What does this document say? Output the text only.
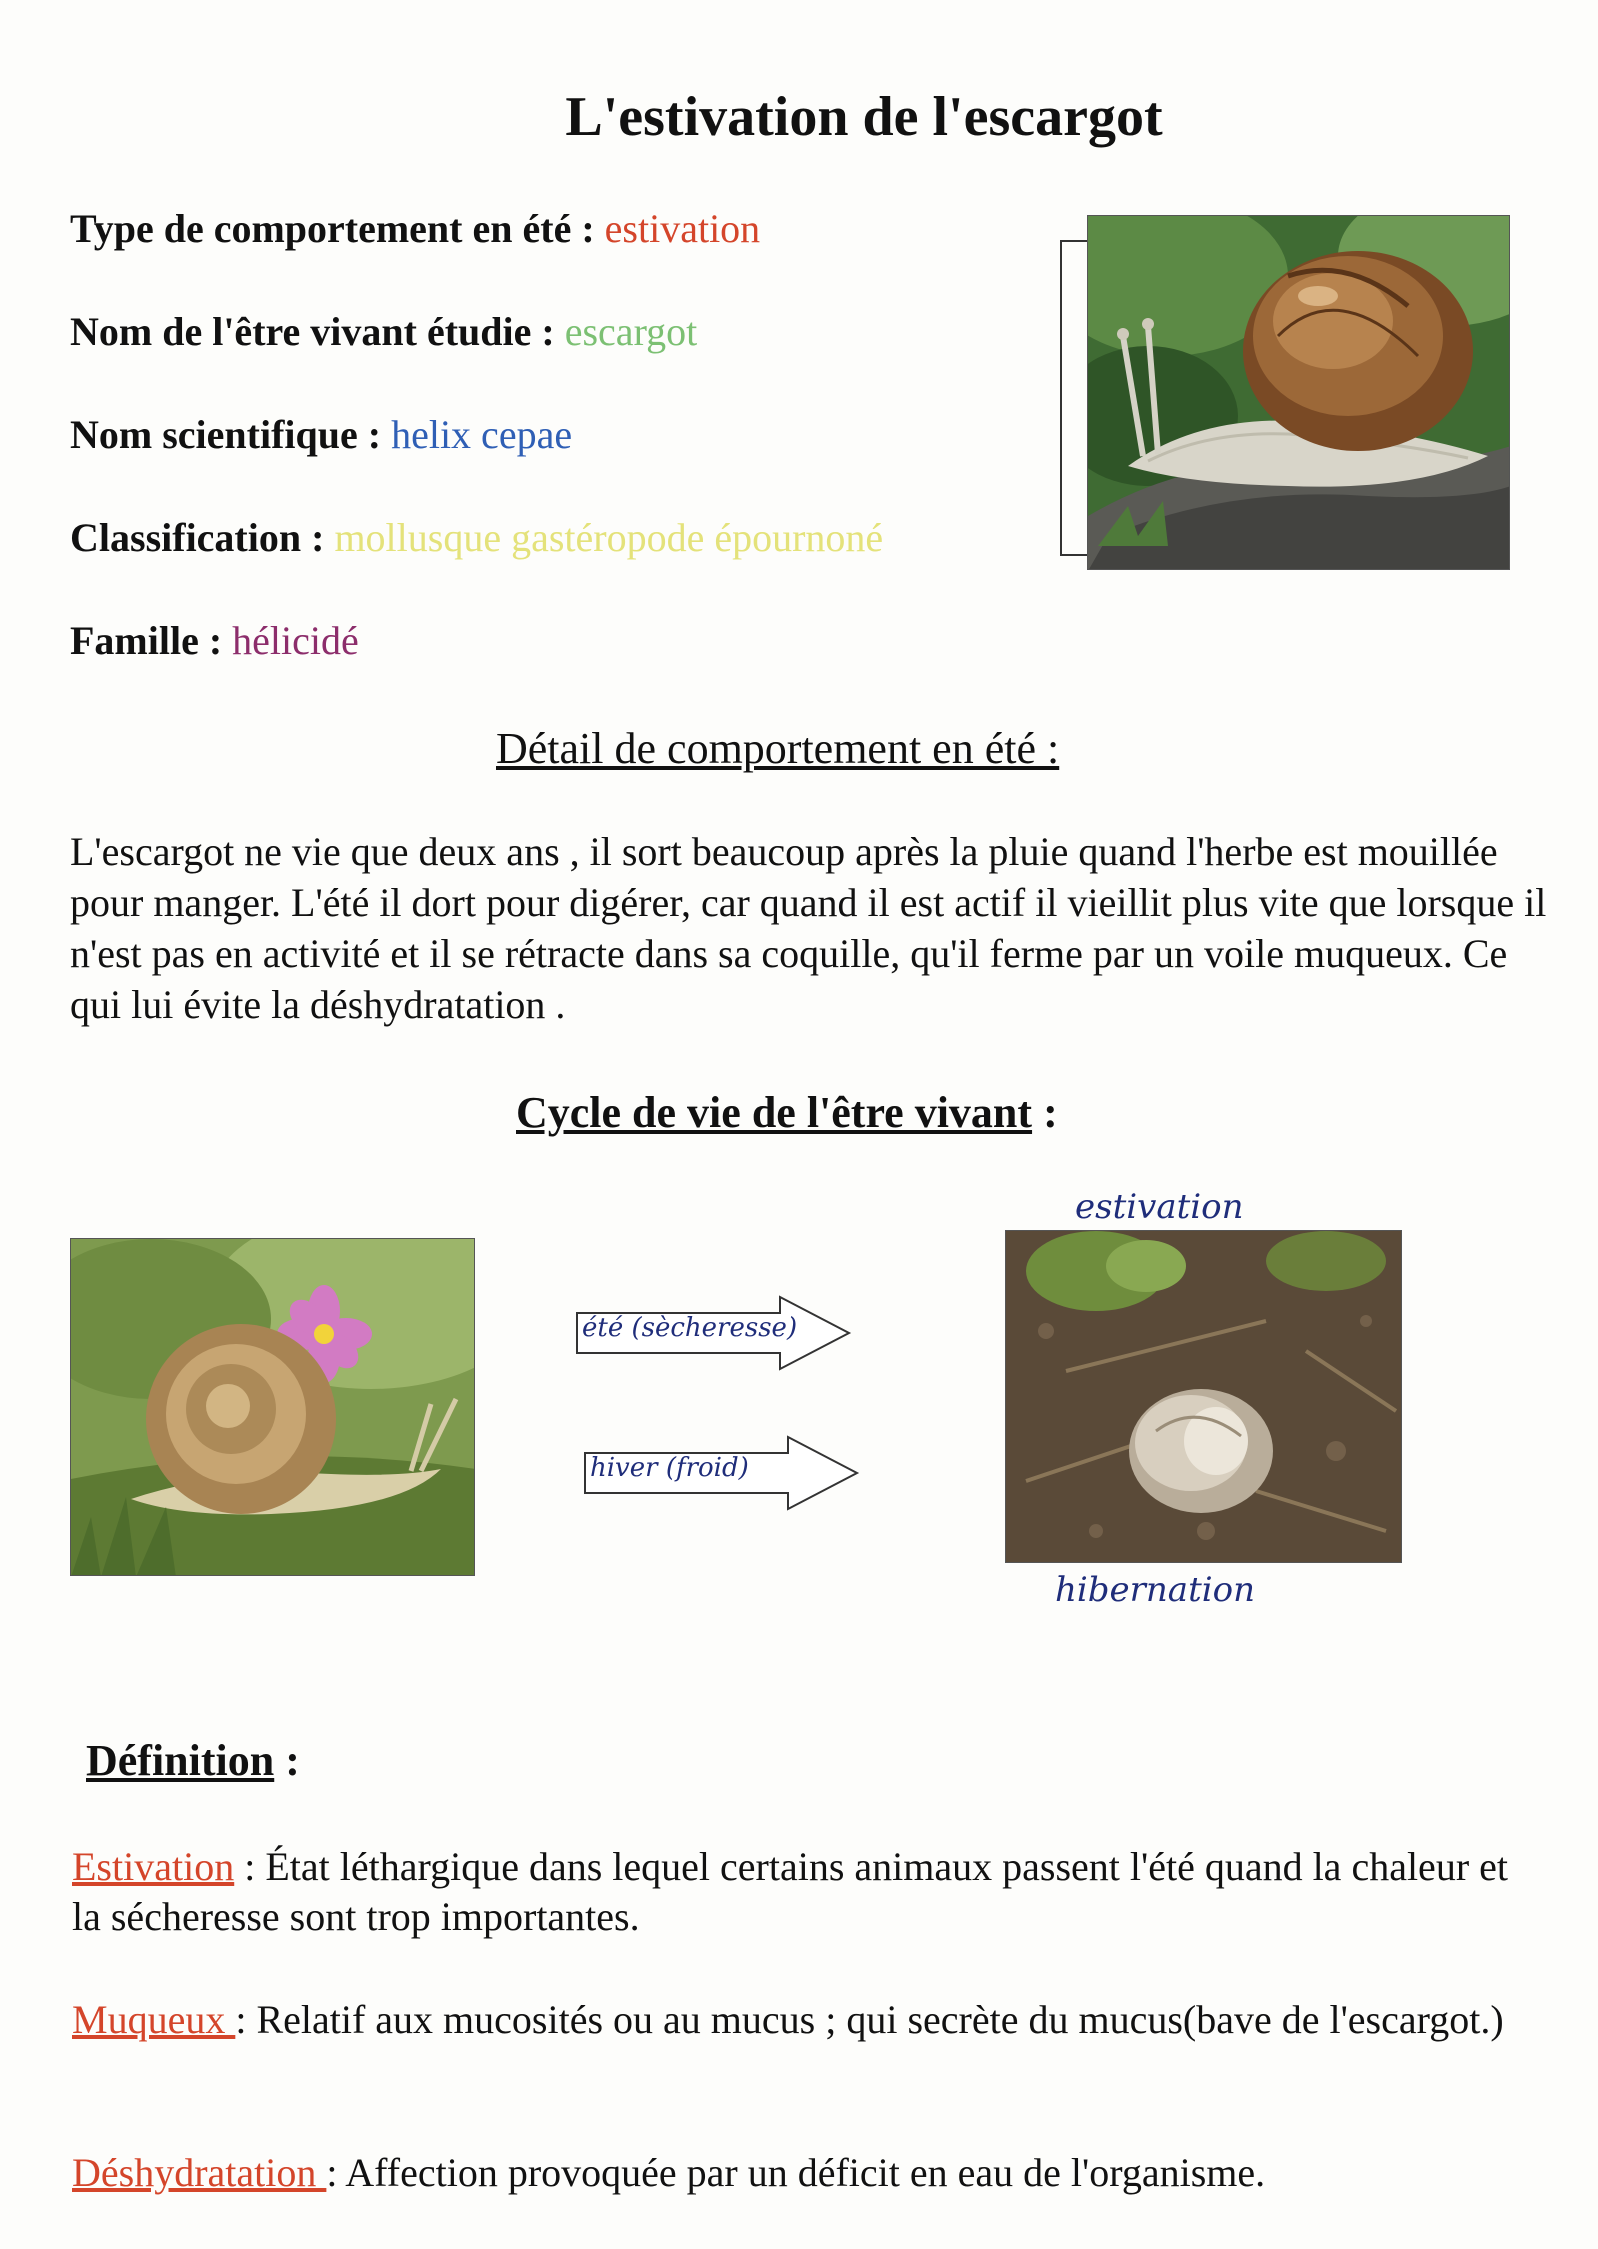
L'estivation de l'escargot
Type de comportement en été : estivation
Nom de l'être vivant étudie : escargot
Nom scientifique : helix cepae
Classification : mollusque gastéropode épournoné
Famille : hélicidé
Détail de comportement en été :
L'escargot ne vie que deux ans , il sort beaucoup après la pluie quand l'herbe est mouillée pour manger. L'été il dort pour digérer, car quand il est actif il vieillit plus vite que lorsque il n'est pas en activité et il se rétracte dans sa coquille, qu'il ferme par un voile muqueux. Ce qui lui évite la déshydratation .
Cycle de vie de l'être vivant :
été (sècheresse)
hiver (froid)
estivation
hibernation
Définition :
Estivation : État léthargique dans lequel certains animaux passent l'été quand la chaleur et la sécheresse sont trop importantes.
Muqueux : Relatif aux mucosités ou au mucus ; qui secrète du mucus(bave de l'escargot.)
Déshydratation : Affection provoquée par un déficit en eau de l'organisme.
